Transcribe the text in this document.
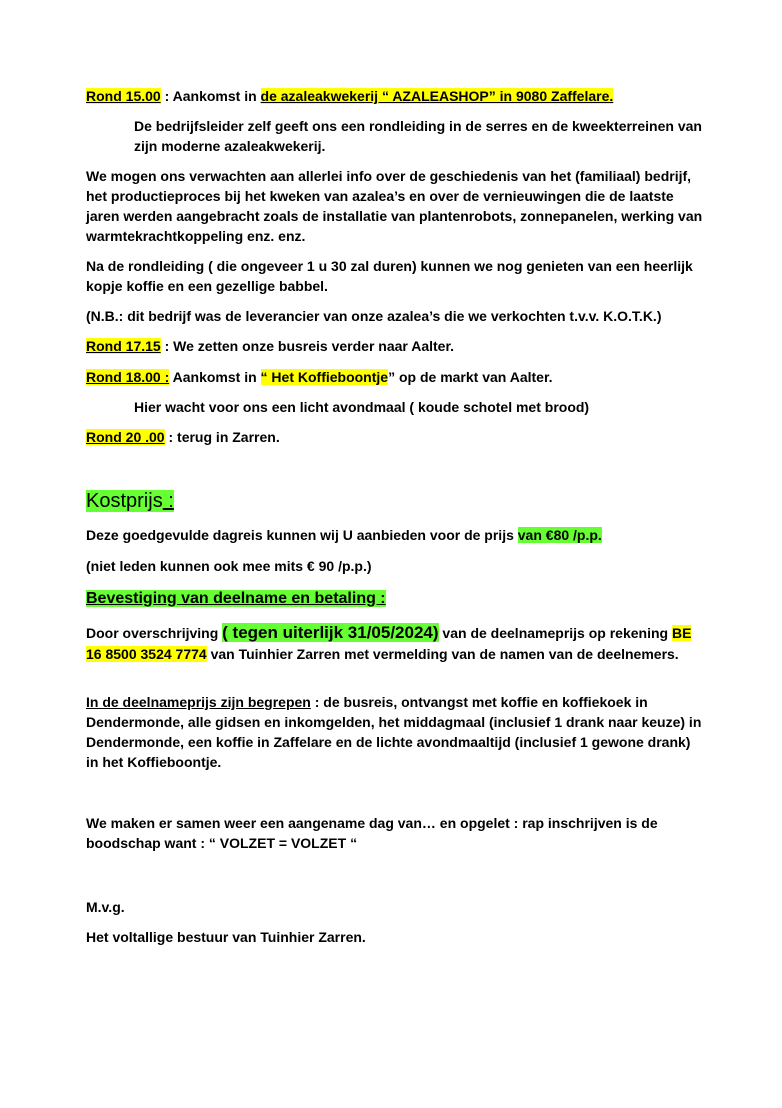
Rond 15.00 : Aankomst in de azaleakwekerij “ AZALEASHOP” in 9080 Zaffelare.

De bedrijfsleider zelf geeft ons een rondleiding in de serres en de kweekterreinen van zijn moderne azaleakwekerij.

We mogen ons verwachten aan allerlei info over de geschiedenis van het (familiaal) bedrijf, het productieproces bij het kweken van azalea’s en over de vernieuwingen die de laatste jaren werden aangebracht zoals de installatie van plantenrobots, zonnepanelen, werking van warmtekrachtkoppeling enz. enz.

Na de rondleiding ( die ongeveer 1 u 30 zal duren) kunnen we nog genieten van een heerlijk kopje koffie en een gezellige babbel.

(N.B.: dit bedrijf was de leverancier van onze azalea’s die we verkochten t.v.v. K.O.T.K.)

Rond 17.15 : We zetten onze busreis verder naar Aalter.

Rond 18.00 : Aankomst in “ Het Koffieboontje” op de markt van Aalter.

Hier wacht voor ons een licht avondmaal ( koude schotel met brood)

Rond 20 .00 : terug in Zarren.

Kostprijs :

Deze goedgevulde dagreis kunnen wij U aanbieden voor de prijs van €80 /p.p.

(niet leden kunnen ook mee mits € 90 /p.p.)

Bevestiging van deelname en betaling :

Door overschrijving ( tegen uiterlijk 31/05/2024) van de deelnameprijs op rekening BE 16 8500 3524 7774 van Tuinhier Zarren met vermelding van de namen van de deelnemers.

In de deelnameprijs zijn begrepen : de busreis, ontvangst met koffie en koffiekoek in Dendermonde, alle gidsen en inkomgelden, het middagmaal (inclusief 1 drank naar keuze) in Dendermonde, een koffie in Zaffelare en de lichte avondmaaltijd (inclusief 1 gewone drank) in het Koffieboontje.

We maken er samen weer een aangename dag van… en opgelet : rap inschrijven is de boodschap want : “ VOLZET = VOLZET “

M.v.g.

Het voltallige bestuur van Tuinhier Zarren.
